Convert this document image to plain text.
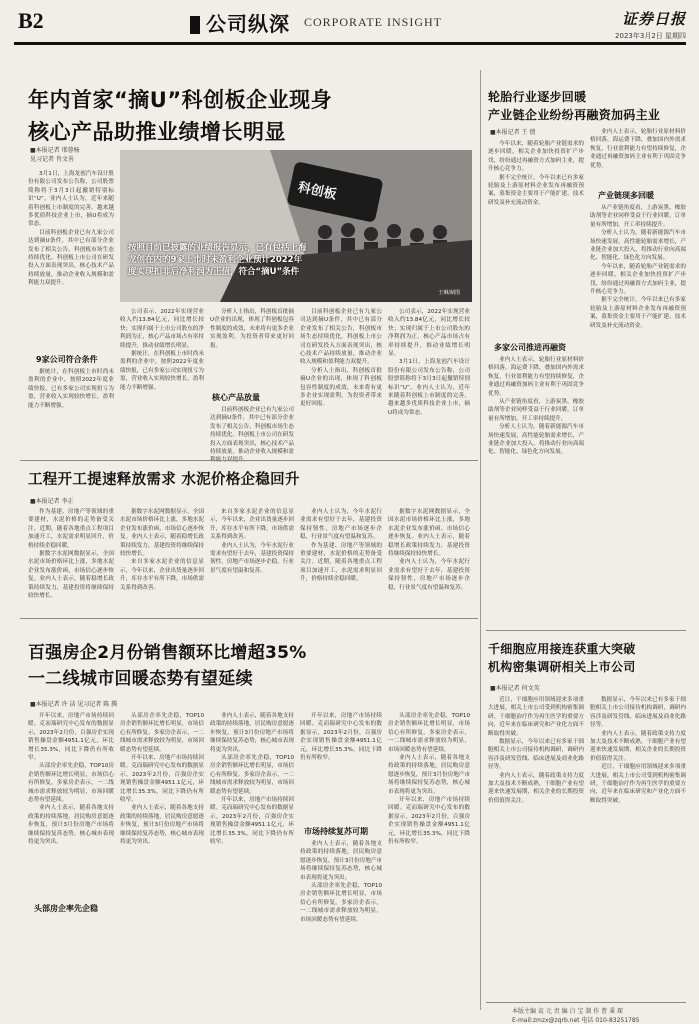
B2	公司纵深 CORPORATE INSIGHT	证券日报
2023年3月2日 星期四
年内首家“摘U”科创板企业现身
核心产品助推业绩增长明显
■本报记者 邢蓉杨
见习记者 肖文善

3月1日，上海龙创汽车设计股份有限公司发布公告称，公司股票简称将于3月3日起撤销特别标识“U”。业内人士认为，近年来随着科创板上市制度的完善，越来越多优质科技企业上市，摘U将成为常态。

目前科创板企业已有九家公司达到摘U条件，其中已有部分企业发布了相关公告，科创板市场生态持续优化。科创板上市公司在研发投入方面表现突出，核心技术产品持续放量，推动企业收入规模和盈利能力双提升。

9家公司符合条件

据统计，在科创板上市时尚未盈利的企业中，按照2022年度业绩快报，已有多家公司实现扭亏为盈，营业收入实现较快增长，盈利能力不断增强。

公司表示，2022年实现营业收入约13.84亿元，同比增长较快；实现归属于上市公司股东的净利润为正，核心产品市场占有率持续提升，推动业绩增长明显。

据统计，在科创板上市时尚未盈利的企业中，按照2022年度业绩快报，已有多家公司实现扭亏为盈，营业收入实现较快增长，盈利能力不断增强。

核心产品放量

分析人士指出，科创板首批摘U企业的出现，体现了科创板包容性制度的成效，未来将有更多企业实现盈利，为投资者带来更好回报。

目前科创板企业已有九家公司达到摘U条件，其中已有部分企业发布了相关公告，科创板市场生态持续优化。科创板上市公司在研发投入方面表现突出，核心技术产品持续放量，推动企业收入规模和盈

目前科创板企业已有九家公司达到摘U条件，其中已有部分企业发布了相关公告，科创板市场生态持续优化。科创板上市公司在研发投入方面表现突出，核心技术产品持续放量，推动企业收入规模和盈利能力双提升。

分析人士指出，科创板首批摘U企业的出现，体现了科创板包容性制度的成效，未来将有更多企业实现盈利，为投资者带来更好回报。

公司表示，2022年实现营业收入约13.84亿元，同比增长较快；实现归属于上市公司股东的净利润为正，核心产品市场占有率持续提升，推动业绩增长明显。

3月1日，上海龙创汽车设计股份有限公司发布公告称，公司股票简称将于3月3日起撤销特别标识“U”。业内人士认为，近年来随着科创板上市制度的完善，越来越多优质科技企业上市，摘U将成为常态。

科创板
按照目前已披露的业绩报告显示，已有包括上海龙创在内的9家上市时未盈利企业预计2022年度实现扣非后净利润为正值，符合“摘U”条件
王琳/制图
工程开工提速释放需求 水泥价格企稳回升
■本报记者 李正

作为基建、房地产等领域的重要建材，水泥价格的走势备受关注。近期，随着各地重点工程项目加速开工，水泥需求明显回升，价格持续企稳回暖。

据数字水泥网数据显示，全国水泥市场价格环比上涨，多地水泥企业发布涨价函，市场信心逐步恢复。业内人士表示，随着稳增长政策持续发力，基建投资将继续保持较快增长。

据数字水泥网数据显示，全国水泥市场价格环比上涨，多地水泥企业发布涨价函，市场信心逐步恢复。业内人士表示，随着稳增长政策持续发力，基建投资将继续保持较快增长。

来自多家水泥企业的信息显示，今年以来，企业出货量逐步回升，库存水平有所下降，市场供需关系得到改善。

来自多家水泥企业的信息显示，今年以来，企业出货量逐步回升，库存水平有所下降，市场供需关系得到改善。

业内人士认为，今年水泥行业需求有望好于去年，基建投资保持韧性，房地产市场逐步企稳，行业景气度有望温和复苏。

业内人士认为，今年水泥行业需求有望好于去年，基建投资保持韧性，房地产市场逐步企稳，行业景气度有望温和复苏。

作为基建、房地产等领域的重要建材，水泥价格的走势备受关注。近期，随着各地重点工程项目加速开工，水泥需求明显回升，价格持续企稳回暖。

据数字水泥网数据显示，全国水泥市场价格环比上涨，多地水泥企业发布涨价函，市场信心逐步恢复。业内人士表示，随着稳增长政策持续发力，基建投资将继续保持较快增长。

业内人士认为，今年水泥行业需求有望好于去年，基建投资保持韧性，房地产市场逐步企稳，行业景气度有望温和复苏。

百强房企2月份销售额环比增超35%
一二线城市回暖态势有望延续
■本报记者 许 洁 见习记者 陈 腾

开年以来，房地产市场持续回暖。克而瑞研究中心发布的数据显示，2023年2月份，百强房企实现销售操盘金额4951.1亿元，环比增长35.3%，同比下降仍有所收窄。

头部房企率先企稳，TOP10房企销售额环比增长明显，市场信心有所修复。多家房企表示，一二线城市需求释放较为明显，市场回暖态势有望延续。

业内人士表示，随着各地支持政策的持续落地，居民购房意愿逐步恢复，预计3月份房地产市场将继续保持复苏态势，核心城市表现将更为突出。

头部房企率先企稳

头部房企率先企稳，TOP10房企销售额环比增长明显，市场信心有所修复。多家房企表示，一二线城市需求释放较为明显，市场回暖态势有望延续。

开年以来，房地产市场持续回暖。克而瑞研究中心发布的数据显示，2023年2月份，百强房企实现销售操盘金额4951.1亿元，环比增长35.3%，同比下降仍有所收窄。

业内人士表示，随着各地支持政策的持续落地，居民购房意愿逐步恢复，预计3月份房地产市场将继续保持复苏态势，核心城市表现将更为突出。

业内人士表示，随着各地支持政策的持续落地，居民购房意愿逐步恢复，预计3月份房地产市场将继续保持复苏态势，核心城市表现将更为突出。

头部房企率先企稳，TOP10房企销售额环比增长明显，市场信心有所修复。多家房企表示，一二线城市需求释放较为明显，市场回暖态势有望延续。

开年以来，房地产市场持续回暖。克而瑞研究中心发布的数据显示，2023年2月份，百强房企实现销售操盘金额4951.1亿元，环比增长35.3%，同比下降仍有所收窄。

市场持续复苏可期

开年以来，房地产市场持续回暖。克而瑞研究中心发布的数据显示，2023年2月份，百强房企实现销售操盘金额4951.1亿元，环比增长35.3%，同比下降仍有所收窄。

业内人士表示，随着各地支持政策的持续落地，居民购房意愿逐步恢复，预计3月份房地产市场将继续保持复苏态势，核心城市表现将更为突出。

头部房企率先企稳，TOP10房企销售额环比增长明显，市场信心有所修复。多家房企表示，一二线城市需求释放较为明显，市场回暖态势有望延续。

头部房企率先企稳，TOP10房企销售额环比增长明显，市场信心有所修复。多家房企表示，一二线城市需求释放较为明显，市场回暖态势有望延续。

业内人士表示，随着各地支持政策的持续落地，居民购房意愿逐步恢复，预计3月份房地产市场将继续保持复苏态势，核心城市表现将更为突出。

开年以来，房地产市场持续回暖。克而瑞研究中心发布的数据显示，2023年2月份，百强房企实现销售操盘金额4951.1亿元，环比增长35.3%，同比下降仍有所收窄。

轮胎行业逐步回暖
产业链企业纷纷再融资加码主业
■本报记者 王 僖

今年以来，随着轮胎产业链需求的逐步回暖，相关企业加快投资扩产步伐，纷纷通过再融资方式加码主业，提升核心竞争力。

据不完全统计，今年以来已有多家轮胎及上游原材料企业发布再融资预案，募集资金主要用于产能扩建、技术研发及补充流动资金。

多家公司推进再融资

业内人士表示，轮胎行业原材料价格回落，海运费下降，叠加国内外需求恢复，行业盈利能力有望持续修复，企业通过再融资加码主业有利于巩固竞争优势。

从产业链角度看，上游炭黑、橡胶助剂等企业同样受益于行业回暖，订单量有所增加，开工率持续提升。

分析人士认为，随着新能源汽车市场快速发展，高性能轮胎需求增长，产业链企业加大投入，将推动行业向高端化、智能化、绿色化方向发展。

业内人士表示，轮胎行业原材料价格回落，海运费下降，叠加国内外需求恢复，行业盈利能力有望持续修复，企业通过再融资加码主业有利于巩固竞争优势。

产业链现多回暖

从产业链角度看，上游炭黑、橡胶助剂等企业同样受益于行业回暖，订单量有所增加，开工率持续提升。

分析人士认为，随着新能源汽车市场快速发展，高性能轮胎需求增长，产业链企业加大投入，将推动行业向高端化、智能化、绿色化方向发展。

今年以来，随着轮胎产业链需求的逐步回暖，相关企业加快投资扩产步伐，纷纷通过再融资方式加码主业，提升核心竞争力。

据不完全统计，今年以来已有多家轮胎及上游原材料企业发布再融资预案，募集资金主要用于产能扩建、技术研发及补充流动资金。

千细胞应用接连获重大突破
机构密集调研相关上市公司
■本报记者 何文英

近日，干细胞应用领域迎来多项重大进展，相关上市公司受到机构密集调研。干细胞治疗作为再生医学的重要方向，近年来在临床研究和产业化方面不断取得突破。

数据显示，今年以来已有多家干细胞相关上市公司接待机构调研，调研内容涉及研发管线、临床进展及商业化路径等。

业内人士表示，随着政策支持力度加大及技术不断成熟，干细胞产业有望迎来快速发展期，相关企业的长期投资价值值得关注。

数据显示，今年以来已有多家干细胞相关上市公司接待机构调研，调研内容涉及研发管线、临床进展及商业化路径等。

业内人士表示，随着政策支持力度加大及技术不断成熟，干细胞产业有望迎来快速发展期，相关企业的长期投资价值值得关注。

近日，干细胞应用领域迎来多项重大进展，相关上市公司受到机构密集调研。干细胞治疗作为再生医学的重要方向，近年来在临床研究和产业化方面不断取得突破。

本版主编 袁 元 责 编 白 宝 制 作 曹 秉 琛
E-mail:zmzx@zqrb.net 电话 010-83251785
